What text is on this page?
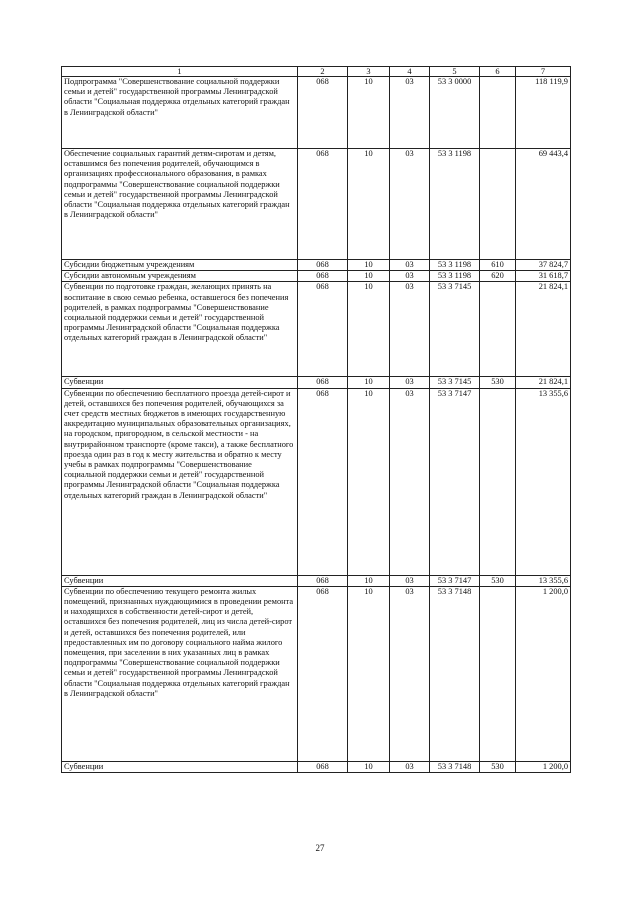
1	2	3	4	5	6	7
Подпрограмма "Совершенствование социальной поддержки семьи и детей" государственной программы Ленинградской области "Социальная поддержка отдельных категорий граждан в Ленинградской области"	068	10	03	53 3 0000		118 119,9
Обеспечение социальных гарантий детям-сиротам и детям, оставшимся без попечения родителей, обучающимся в организациях профессионального образования, в рамках подпрограммы "Совершенствование социальной поддержки семьи и детей" государственной программы Ленинградской области "Социальная поддержка отдельных категорий граждан в Ленинградской области"	068	10	03	53 3 1198		69 443,4
Субсидии бюджетным учреждениям	068	10	03	53 3 1198	610	37 824,7
Субсидии автономным учреждениям	068	10	03	53 3 1198	620	31 618,7
Субвенции по подготовке граждан, желающих принять на воспитание в свою семью ребенка, оставшегося без попечения родителей, в рамках подпрограммы "Совершенствование социальной поддержки семьи и детей" государственной программы Ленинградской области "Социальная поддержка отдельных категорий граждан в Ленинградской области"	068	10	03	53 3 7145		21 824,1
Субвенции	068	10	03	53 3 7145	530	21 824,1
Субвенции по обеспечению бесплатного проезда детей-сирот и детей, оставшихся без попечения родителей, обучающихся за счет средств местных бюджетов в имеющих государственную аккредитацию муниципальных образовательных организациях, на городском, пригородном, в сельской местности - на внутрирайонном транспорте (кроме такси), а также бесплатного проезда один раз в год к месту жительства и обратно к месту учебы в рамках подпрограммы "Совершенствование социальной поддержки семьи и детей" государственной программы Ленинградской области "Социальная поддержка отдельных категорий граждан в Ленинградской области"	068	10	03	53 3 7147		13 355,6
Субвенции	068	10	03	53 3 7147	530	13 355,6
Субвенции по обеспечению текущего ремонта жилых помещений, признанных нуждающимися в проведении ремонта и находящихся в собственности детей-сирот и детей, оставшихся без попечения родителей, лиц из числа детей-сирот и детей, оставшихся без попечения родителей, или предоставленных им по договору социального найма жилого помещения, при заселении в них указанных лиц в рамках подпрограммы "Совершенствование социальной поддержки семьи и детей" государственной программы Ленинградской области "Социальная поддержка отдельных категорий граждан в Ленинградской области"	068	10	03	53 3 7148		1 200,0
Субвенции	068	10	03	53 3 7148	530	1 200,0
27
